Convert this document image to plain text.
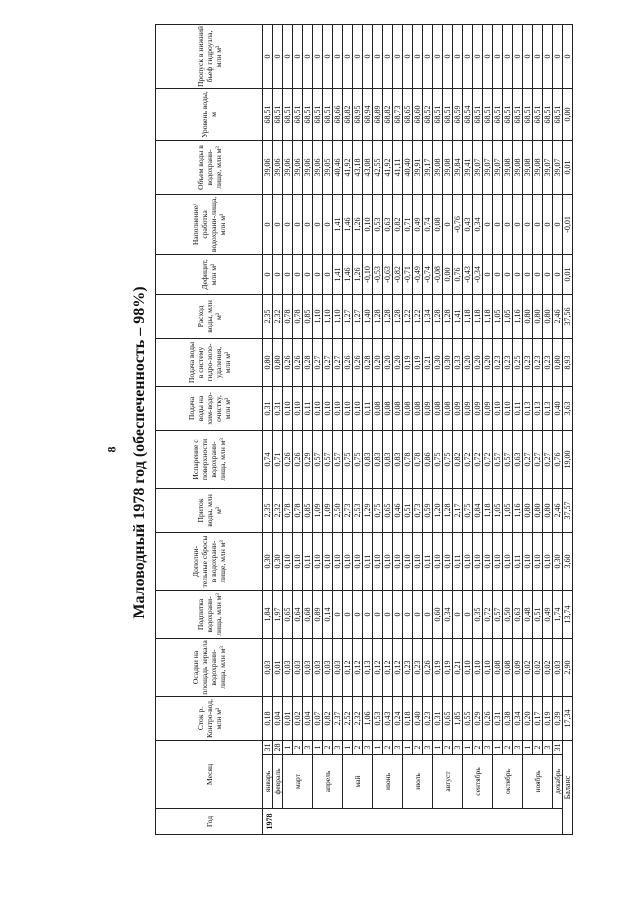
8 Маловодный 1978 год (обеспеченность – 98%)
Год	Месяц		Сток р. Контро-вод, млн м³	Осадки на площадь зеркала водохрани-лища, млн м³	Подпитка водохрани-лища, млн м³	Дополни-тельные сбросы в водохрани-лище, млн м³	Приток воды, млн м³	Испарение с поверхности водохрани-лища, млн м³	Подача воды на хим-водо-очистку, млн м³	Подача воды в систему гидро-золо-удаления, млн м³	Расход воды, млн м³	Дефицит, млн м³	Наполнение/сработка водохрани-лища, млн м³	Объем воды в водохрани-лище, млн м³	Уровень воды, м	Пропуск в нижний бьеф гидроузла, млн м³
1978	январь	31	0,18	0,03	1,84	0,30	2,35	0,74	0,31	0,80	2,35	0	0	39,06	68,51	0
	февраль	28	0,04	0,01	1,97	0,30	2,32	0,71	0,31	0,80	2,32	0	0	39,06	68,51	0
	март	1	0,01	0,03	0,65	0,10	0,78	0,26	0,10	0,26	0,78	0	0	39,06	68,51	0
		2	0,02	0,03	0,64	0,10	0,78	0,26	0,10	0,26	0,78	0	0	39,06	68,51	0
		3	0,04	0,03	0,68	0,11	0,85	0,29	0,11	0,28	0,85	0	0	39,06	68,51	0
	апрель	1	0,07	0,03	0,89	0,10	1,09	0,57	0,10	0,27	1,10	0	0	39,06	68,51	0
		2	0,82	0,03	0,14	0,10	1,09	0,57	0,10	0,27	1,10	0	0	39,05	68,51	0
		3	2,37	0,03	0	0,10	2,50	0,57	0,10	0,27	1,10	1,41	1,41	40,46	68,66	0
	май	1	2,52	0,12	0	0,10	2,73	0,75	0,10	0,26	1,27	1,46	1,46	41,92	68,82	0
		2	2,32	0,12	0	0,10	2,53	0,75	0,10	0,26	1,27	1,26	1,26	43,18	68,95	0
		3	1,06	0,13	0	0,11	1,29	0,83	0,11	0,28	1,40	-0,10	0,10	43,08	68,94	0
	июнь	1	0,53	0,12	0	0,10	0,75	0,83	0,08	0,20	1,28	-0,53	0,53	42,55	68,89	0
		2	0,43	0,12	0	0,10	0,65	0,83	0,08	0,20	1,28	-0,63	0,63	41,92	68,82	0
		3	0,24	0,12	0	0,10	0,46	0,83	0,08	0,20	1,28	-0,82	0,82	41,11	68,73	0
	июль	1	0,18	0,23	0	0,10	0,51	0,78	0,08	0,19	1,22	-0,71	0,71	40,40	68,65	0
		2	0,40	0,23	0	0,10	0,73	0,78	0,08	0,19	1,22	-0,49	0,49	39,91	68,60	0
		3	0,23	0,26	0	0,11	0,59	0,86	0,09	0,21	1,34	-0,74	0,74	39,17	68,52	0
	август	1	0,31	0,19	0,60	0,10	1,20	0,75	0,08	0,30	1,28	-0,08	0,08	39,08	68,51	0
		2	0,65	0,19	0,34	0,10	1,28	0,75	0,08	0,30	1,28	0,00	0	39,08	68,51	0
		3	1,85	0,21	0	0,11	2,17	0,82	0,09	0,33	1,41	0,76	-0,76	39,84	68,59	0
	сентябрь	1	0,55	0,10	0	0,10	0,75	0,72	0,09	0,20	1,18	-0,43	0,43	39,41	68,54	0
		2	0,29	0,10	0,35	0,10	0,84	0,72	0,09	0,20	1,18	-0,34	0,34	39,07	68,51	0
		3	0,26	0,10	0,72	0,10	1,18	0,72	0,09	0,20	1,18	0	0	39,07	68,51	0
	октябрь	1	0,31	0,08	0,57	0,10	1,05	0,57	0,10	0,23	1,05	0	0	39,07	68,51	0
		2	0,38	0,08	0,50	0,10	1,05	0,57	0,10	0,23	1,05	0	0	39,08	68,51	0
		3	0,34	0,09	0,63	0,11	1,16	0,63	0,11	0,25	1,16	0	0	39,08	68,51	0
	ноябрь	1	0,20	0,02	0,48	0,10	0,80	0,27	0,13	0,23	0,80	0	0	39,08	68,51	0
		2	0,17	0,02	0,51	0,10	0,80	0,27	0,13	0,23	0,80	0	0	39,08	68,51	0
		3	0,19	0,02	0,49	0,10	0,80	0,27	0,13	0,23	0,80	0	0	39,07	68,51	0
	декабрь	31	0,39	0,03	1,74	0,30	2,46	0,76	0,40	0,80	2,46	0	0	39,07	68,51	0
Баланс			17,34	2,90	13,74	3,60	37,57	19,00	3,63	8,93	37,56	0,01	-0,01	0,01	0,00	0
